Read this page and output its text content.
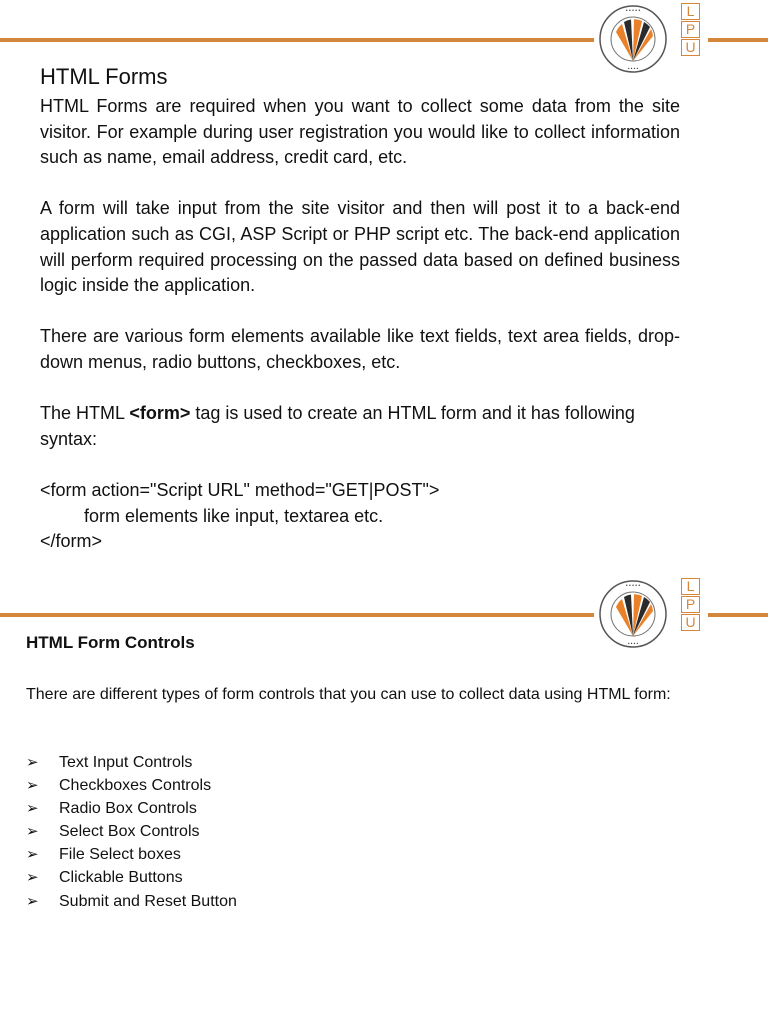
• • • • •
• • • •
L
P
U
HTML Forms

HTML Forms are required when you want to collect some data from the site visitor. For example during user registration you would like to collect information such as name, email address, credit card, etc.

A form will take input from the site visitor and then will post it to a back-end application such as CGI, ASP Script or PHP script etc. The back-end application will perform required processing on the passed data based on defined business logic inside the application.

There are various form elements available like text fields, text area fields, drop-down menus, radio buttons, checkboxes, etc.

The HTML <form> tag is used to create an HTML form and it has following syntax:

<form action="Script URL" method="GET|POST">
form elements like input, textarea etc.
</form>
• • • • •
• • • •
L
P
U
HTML Form Controls
There are different types of form controls that you can use to collect data using HTML form:
➢	Text Input Controls
➢	Checkboxes Controls
➢	Radio Box Controls
➢	Select Box Controls
➢	File Select boxes
➢	Clickable Buttons
➢	Submit and Reset Button
